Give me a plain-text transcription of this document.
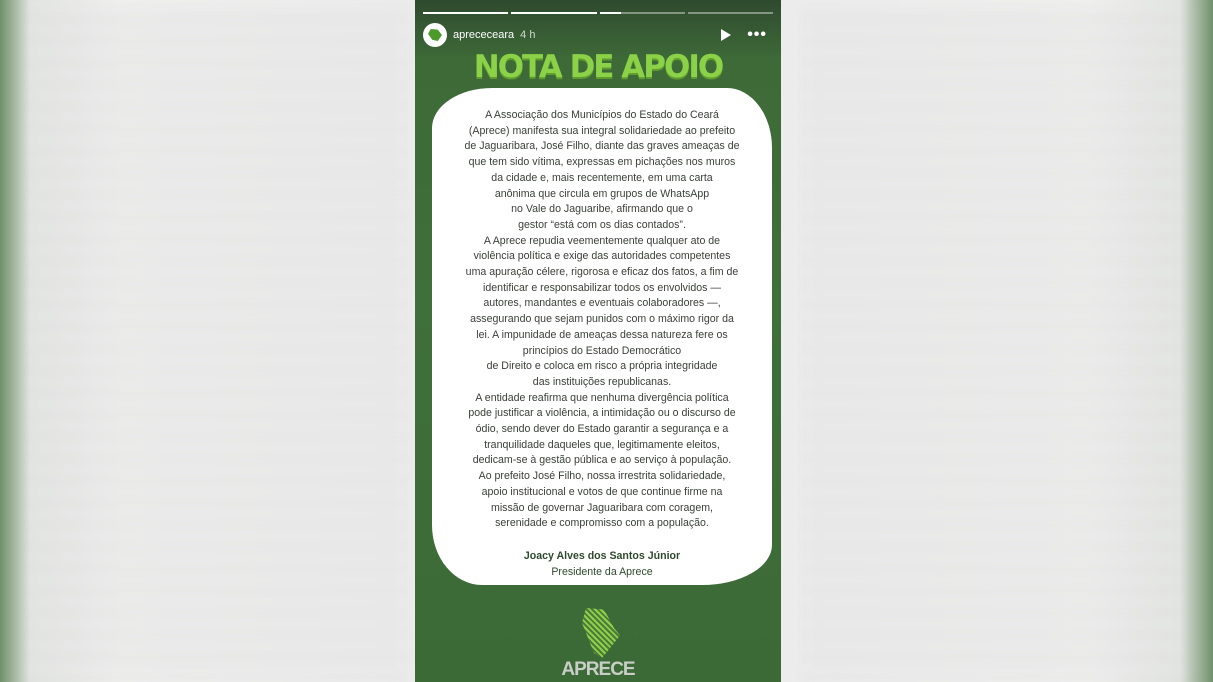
aprececeara 4 h	•••
NOTA DE APOIO
A Associação dos Municípios do Estado do Ceará
(Aprece) manifesta sua integral solidariedade ao prefeito
de Jaguaribara, José Filho, diante das graves ameaças de
que tem sido vítima, expressas em pichações nos muros
da cidade e, mais recentemente, em uma carta
anônima que circula em grupos de WhatsApp
no Vale do Jaguaribe, afirmando que o
gestor “está com os dias contados”.
A Aprece repudia veementemente qualquer ato de
violência política e exige das autoridades competentes
uma apuração célere, rigorosa e eficaz dos fatos, a fim de
identificar e responsabilizar todos os envolvidos —
autores, mandantes e eventuais colaboradores —,
assegurando que sejam punidos com o máximo rigor da
lei. A impunidade de ameaças dessa natureza fere os
princípios do Estado Democrático
de Direito e coloca em risco a própria integridade
das instituições republicanas.
A entidade reafirma que nenhuma divergência política
pode justificar a violência, a intimidação ou o discurso de
ódio, sendo dever do Estado garantir a segurança e a
tranquilidade daqueles que, legitimamente eleitos,
dedicam-se à gestão pública e ao serviço à população.
Ao prefeito José Filho, nossa irrestrita solidariedade,
apoio institucional e votos de que continue firme na
missão de governar Jaguaribara com coragem,
serenidade e compromisso com a população.
Joacy Alves dos Santos Júnior
Presidente da Aprece
APRECE
